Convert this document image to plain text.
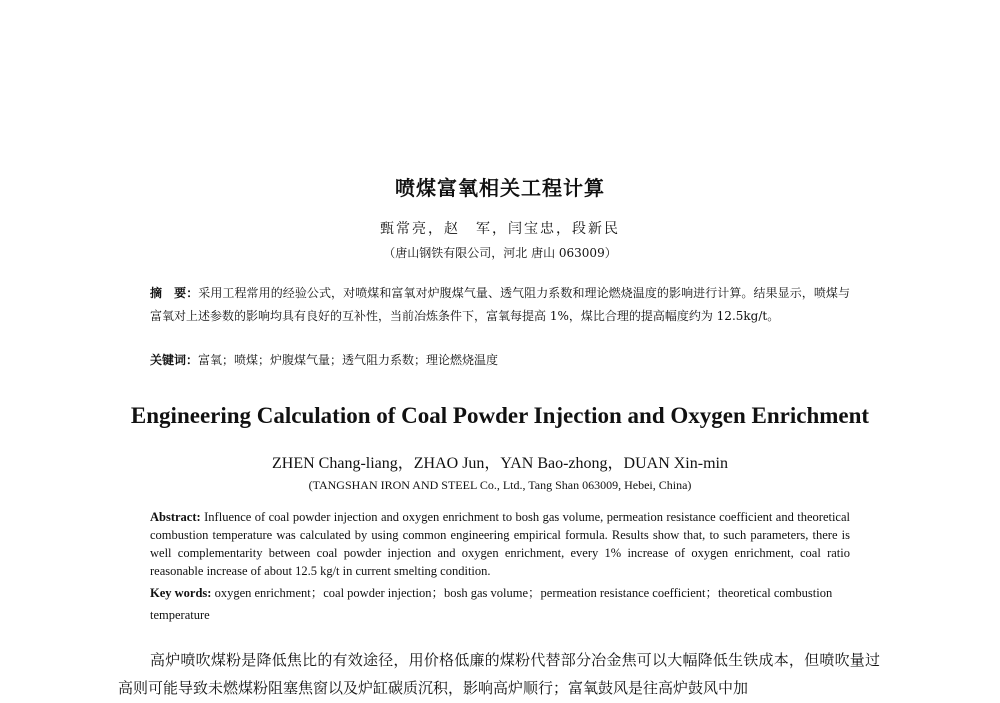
喷煤富氧相关工程计算
甄常亮，赵　军，闫宝忠，段新民
（唐山钢铁有限公司，河北 唐山 063009）
摘　要：采用工程常用的经验公式，对喷煤和富氧对炉腹煤气量、透气阻力系数和理论燃烧温度的影响进行计算。结果显示，喷煤与富氧对上述参数的影响均具有良好的互补性，当前冶炼条件下，富氧每提高 1%，煤比合理的提高幅度约为 12.5kg/t。
关键词：富氧；喷煤；炉腹煤气量；透气阻力系数；理论燃烧温度
Engineering Calculation of Coal Powder Injection and Oxygen Enrichment
ZHEN Chang-liang，ZHAO Jun，YAN Bao-zhong，DUAN Xin-min
(TANGSHAN IRON AND STEEL Co., Ltd., Tang Shan 063009, Hebei, China)
Abstract: Influence of coal powder injection and oxygen enrichment to bosh gas volume, permeation resistance coefficient and theoretical combustion temperature was calculated by using common engineering empirical formula. Results show that, to such parameters, there is well complementarity between coal powder injection and oxygen enrichment, every 1% increase of oxygen enrichment, coal ratio reasonable increase of about 12.5 kg/t in current smelting condition.
Key words: oxygen enrichment；coal powder injection；bosh gas volume；permeation resistance coefficient；theoretical combustion temperature
高炉喷吹煤粉是降低焦比的有效途径，用价格低廉的煤粉代替部分冶金焦可以大幅降低生铁成本，但喷吹量过高则可能导致未燃煤粉阻塞焦窗以及炉缸碳质沉积，影响高炉顺行；富氧鼓风是往高炉鼓风中加
